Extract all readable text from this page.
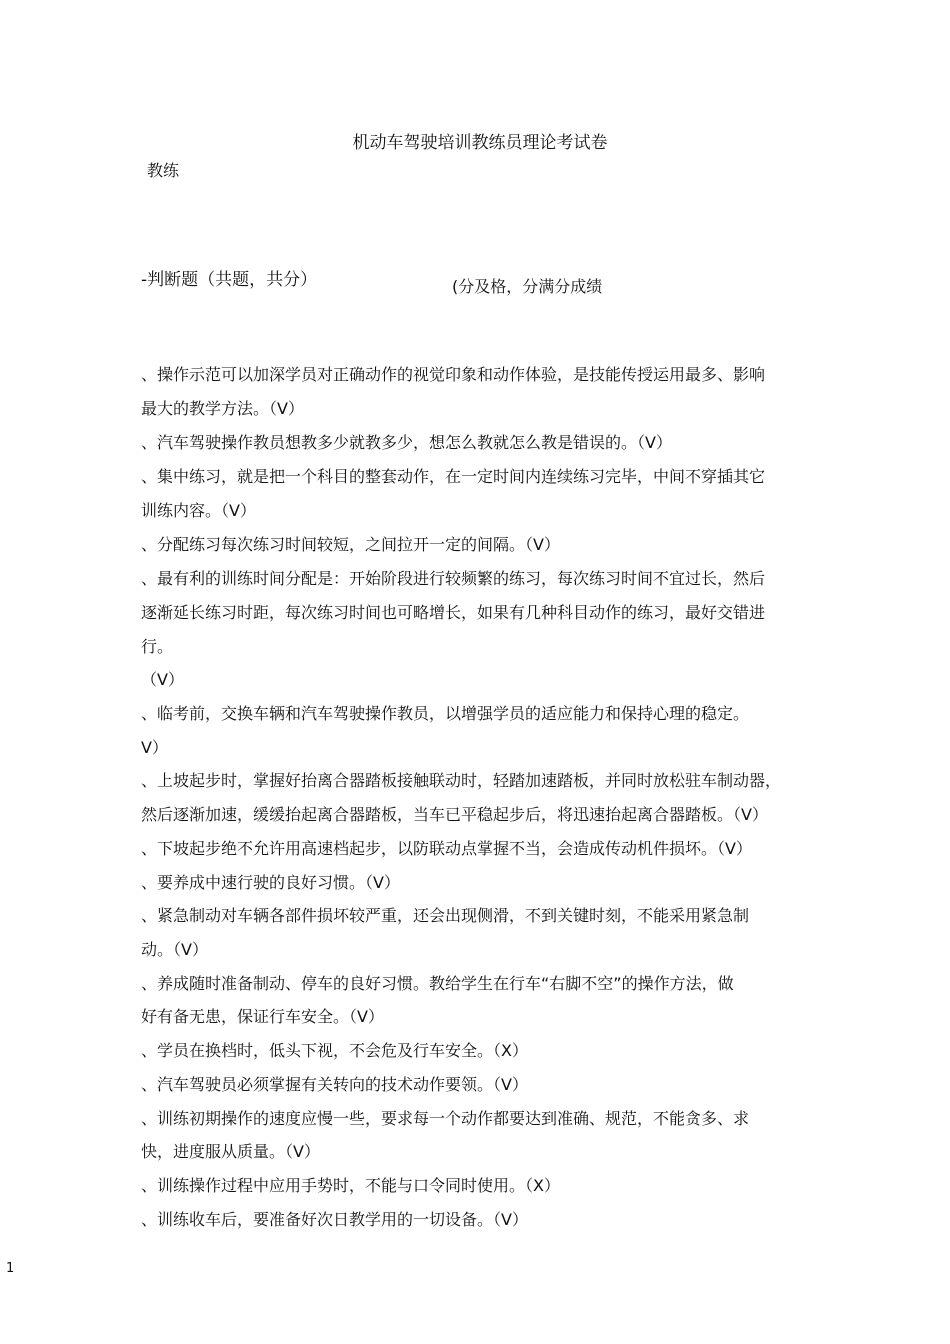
机动车驾驶培训教练员理论考试卷
教练
-判断题（共题，共分）	(分及格，分满分成绩
、操作示范可以加深学员对正确动作的视觉印象和动作体验，是技能传授运用最多、影响
最大的教学方法。（V）
、汽车驾驶操作教员想教多少就教多少，想怎么教就怎么教是错误的。（V）
、集中练习，就是把一个科目的整套动作，在一定时间内连续练习完毕，中间不穿插其它
训练内容。（V）
、分配练习每次练习时间较短，之间拉开一定的间隔。（V）
、最有利的训练时间分配是：开始阶段进行较频繁的练习，每次练习时间不宜过长，然后
逐渐延长练习时距，每次练习时间也可略增长，如果有几种科目动作的练习，最好交错进
行。
（V）
、临考前，交换车辆和汽车驾驶操作教员，以增强学员的适应能力和保持心理的稳定。
V）
、上坡起步时，掌握好抬离合器踏板接触联动时，轻踏加速踏板，并同时放松驻车制动器，
然后逐渐加速，缓缓抬起离合器踏板，当车已平稳起步后，将迅速抬起离合器踏板。（V）
、下坡起步绝不允许用高速档起步，以防联动点掌握不当，会造成传动机件损坏。（V）
、要养成中速行驶的良好习惯。（V）
、紧急制动对车辆各部件损坏较严重，还会出现侧滑，不到关键时刻，不能采用紧急制
动。（V）
、养成随时准备制动、停车的良好习惯。教给学生在行车“右脚不空”的操作方法，做
好有备无患，保证行车安全。（V）
、学员在换档时，低头下视，不会危及行车安全。（X）
、汽车驾驶员必须掌握有关转向的技术动作要领。（V）
、训练初期操作的速度应慢一些，要求每一个动作都要达到准确、规范，不能贪多、求
快，进度服从质量。（V）
、训练操作过程中应用手势时，不能与口令同时使用。（X）
、训练收车后，要准备好次日教学用的一切设备。（V）
1
